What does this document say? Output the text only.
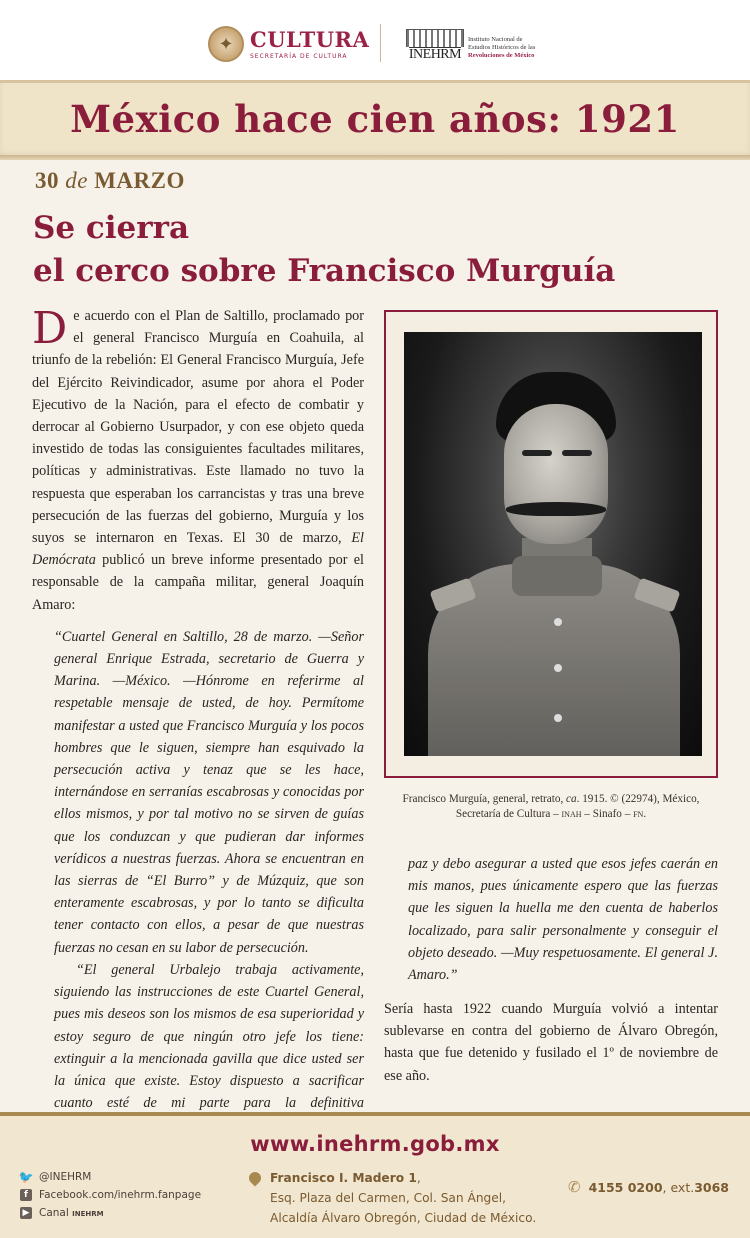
✦ CULTURA
SECRETARÍA DE CULTURA	INEHRM
Instituto Nacional de
Estudios Históricos de las
Revoluciones de México
México hace cien años: 1921
30 de MARZO
Se cierra
el cerco sobre Francisco Murguía

De acuerdo con el Plan de Saltillo, proclamado por el general Francisco Murguía en Coahuila, al triunfo de la rebelión: El General Francisco Murguía, Jefe del Ejército Reivindicador, asume por ahora el Poder Ejecutivo de la Nación, para el efecto de combatir y derrocar al Gobierno Usurpador, y con ese objeto queda investido de todas las consiguientes facultades militares, políticas y administrativas. Este llamado no tuvo la respuesta que esperaban los carrancistas y tras una breve persecución de las fuerzas del gobierno, Murguía y los suyos se internaron en Texas. El 30 de marzo, El Demócrata publicó un breve informe presentado por el responsable de la campaña militar, general Joaquín Amaro:

“Cuartel General en Saltillo, 28 de marzo. —Señor general Enrique Estrada, secretario de Guerra y Marina. —México. —Hónrome en referirme al respetable mensaje de usted, de hoy. Permítome manifestar a usted que Francisco Murguía y los pocos hombres que le siguen, siempre han esquivado la persecución activa y tenaz que se les hace, internándose en serranías escabrosas y conocidas por ellos mismos, y por tal motivo no se sirven de guías que los conduzcan y que pudieran dar informes verídicos a nuestras fuerzas. Ahora se encuentran en las sierras de “El Burro” y de Múzquiz, que son enteramente escabrosas, y por lo tanto se dificulta tener contacto con ellos, a pesar de que nuestras fuerzas no cesan en su labor de persecución.

“El general Urbalejo trabaja activamente, siguiendo las instrucciones de este Cuartel General, pues mis deseos son los mismos de esa superioridad y estoy seguro de que ningún otro jefe los tiene: extinguir a la mencionada gavilla que dice usted ser la única que existe. Estoy dispuesto a sacrificar cuanto esté de mi parte para la definitiva

Francisco Murguía, general, retrato, ca. 1915. © (22974), México,
Secretaría de Cultura – inah – Sinafo – fn.

paz y debo asegurar a usted que esos jefes caerán en mis manos, pues únicamente espero que las fuerzas que les siguen la huella me den cuenta de haberlos localizado, para salir personalmente y conseguir el objeto deseado. —Muy respetuosamente. El general J. Amaro.”

Sería hasta 1922 cuando Murguía volvió a intentar sublevarse en contra del gobierno de Álvaro Obregón, hasta que fue detenido y fusilado el 1º de noviembre de ese año.

www.inehrm.gob.mx
🐦 @INEHRM
f	Facebook.com/inehrm.fanpage
▶ Canal
inehrm
Francisco I. Madero 1,
Esq. Plaza del Carmen, Col. San Ángel,
Alcaldía Álvaro Obregón, Ciudad de México.
✆ 4155 0200 , ext. 3068
